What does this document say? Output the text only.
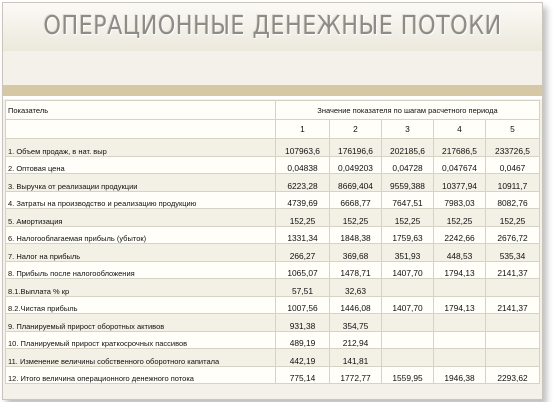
ОПЕРАЦИОННЫЕ ДЕНЕЖНЫЕ ПОТОКИ
Показатель	Значение показателя по шагам расчетного периода				
	1	2	3	4	5
1. Объем продаж, в нат. выр	107963,6	176196,6	202185,6	217686,5	233726,5
2. Оптовая цена	0,04838	0,049203	0,04728	0,047674	0,0467
3. Выручка от реализации продукции	6223,28	8669,404	9559,388	10377,94	10911,7
4. Затраты на производство и реализацию продукцию	4739,69	6668,77	7647,51	7983,03	8082,76
5. Амортизация	152,25	152,25	152,25	152,25	152,25
6. Налогооблагаемая прибыль (убыток)	1331,34	1848,38	1759,63	2242,66	2676,72
7. Налог на прибыль	266,27	369,68	351,93	448,53	535,34
8. Прибыль после налогообложения	1065,07	1478,71	1407,70	1794,13	2141,37
8.1.Выплата % кр	57,51	32,63			
8.2.Чистая прибыль	1007,56	1446,08	1407,70	1794,13	2141,37
9. Планируемый прирост оборотных активов	931,38	354,75			
10. Планируемый прирост краткосрочных пассивов	489,19	212,94			
11. Изменение величины собственного оборотного капитала	442,19	141,81			
12. Итого величина операционного денежного потока	775,14	1772,77	1559,95	1946,38	2293,62
